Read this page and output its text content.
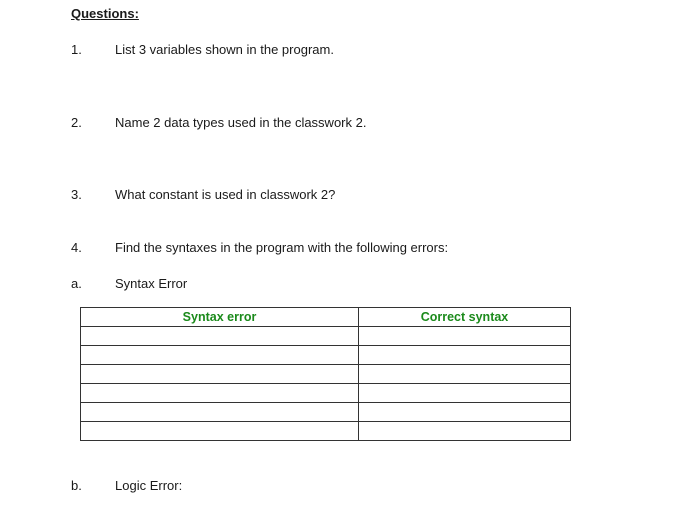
Questions:
1.	List 3 variables shown in the program.
2.	Name 2 data types used in the classwork 2.
3.	What constant is used in classwork 2?
4.	Find the syntaxes in the program with the following errors:
a.	Syntax Error
Syntax error	Correct syntax

b.	Logic Error:
